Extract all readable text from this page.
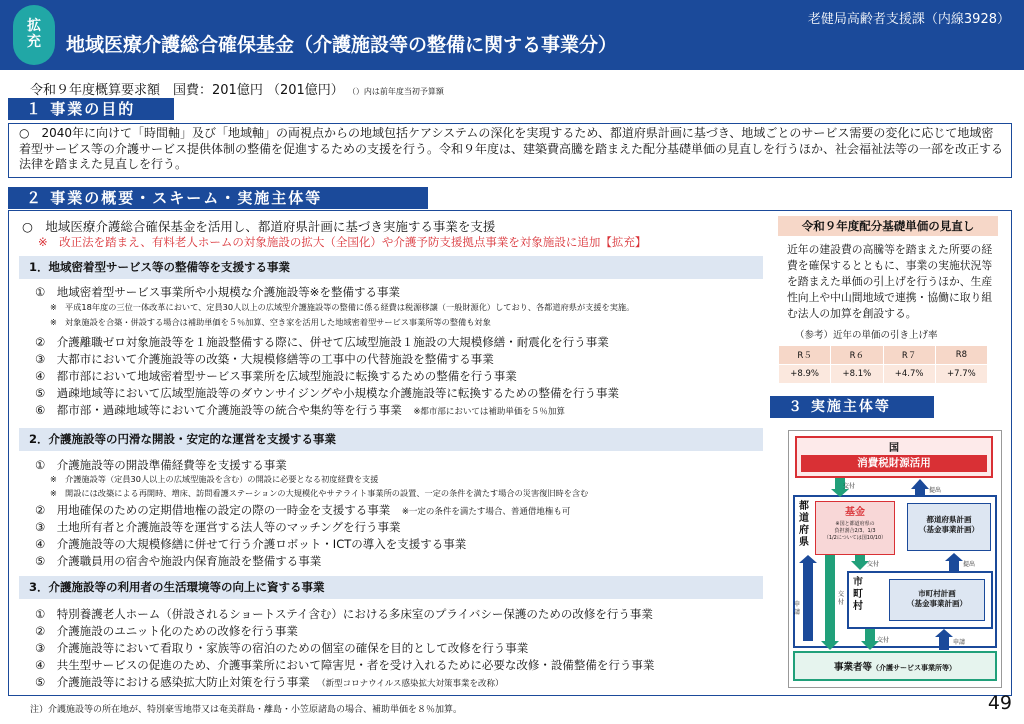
拡
充	地域医療介護総合確保基金（介護施設等の整備に関する事業分）
老健局高齢者支援課（内線3928）
令和９年度概算要求額　国費：201億円 （201億円） （）内は前年度当初予算額
１ 事業の目的
○　2040年に向けて「時間軸」及び「地域軸」の両視点からの地域包括ケアシステムの深化を実現するため、都道府県計画に基づき、地域ごとのサービス需要の変化に応じて地域密着型サービス等の介護サービス提供体制の整備を促進するための支援を行う。令和９年度は、建築費高騰を踏まえた配分基礎単価の見直しを行うほか、社会福祉法等の一部を改正する法律を踏まえた見直しを行う。
２ 事業の概要・スキーム・実施主体等
○　地域医療介護総合確保基金を活用し、都道府県計画に基づき実施する事業を支援
※　改正法を踏まえ、有料老人ホームの対象施設の拡大（全国化）や介護予防支援拠点事業を対象施設に追加【拡充】
1．地域密着型サービス等の整備等を支援する事業
①　地域密着型サービス事業所や小規模な介護施設等※を整備する事業
※　平成18年度の三位一体改革において、定員30人以上の広域型介護施設等の整備に係る経費は税源移譲（一般財源化）しており、各都道府県が支援を実施。
※　対象施設を合築・併設する場合は補助単価を５％加算、空き家を活用した地域密着型サービス事業所等の整備も対象
②　介護離職ゼロ対象施設等を１施設整備する際に、併せて広域型施設１施設の大規模修繕・耐震化を行う事業
③　大都市において介護施設等の改築・大規模修繕等の工事中の代替施設を整備する事業
④　都市部において地域密着型サービス事業所を広域型施設に転換するための整備を行う事業
⑤　過疎地域等において広域型施設等のダウンサイジングや小規模な介護施設等に転換するための整備を行う事業
⑥　都市部・過疎地域等において介護施設等の統合や集約等を行う事業　 ※都市部においては補助単価を５％加算
2．介護施設等の円滑な開設・安定的な運営を支援する事業
①　介護施設等の開設準備経費等を支援する事業
※　介護施設等（定員30人以上の広域型施設を含む）の開設に必要となる初度経費を支援
※　開設には改築による再開時、増床、訪問看護ステーションの大規模化やサテライト事業所の設置、一定の条件を満たす場合の災害復旧時を含む
②　用地確保のための定期借地権の設定の際の一時金を支援する事業　 ※一定の条件を満たす場合、普通借地権も可
③　土地所有者と介護施設等を運営する法人等のマッチングを行う事業
④　介護施設等の大規模修繕に併せて行う介護ロボット・ICTの導入を支援する事業
⑤　介護職員用の宿舎や施設内保育施設を整備する事業
3．介護施設等の利用者の生活環境等の向上に資する事業
①　特別養護老人ホーム（併設されるショートステイ含む）における多床室のプライバシー保護のための改修を行う事業
②　介護施設のユニット化のための改修を行う事業
③　介護施設等において看取り・家族等の宿泊のための個室の確保を目的として改修を行う事業
④　共生型サービスの促進のため、介護事業所において障害児・者を受け入れるために必要な改修・設備整備を行う事業
⑤　介護施設等における感染拡大防止対策を行う事業　 （新型コロナウイルス感染拡大対策事業を改称）
令和９年度配分基礎単価の見直し
近年の建設費の高騰等を踏まえた所要の経費を確保するとともに、事業の実施状況等を踏まえた単価の引上げを行うほか、生産性向上や中山間地域で連携・協働に取り組む法人の加算を創設する。
（参考）近年の単価の引き上げ率
R５	R６	R７	R8
+8.9%	+8.1%	+4.7%	+7.7%
３ 実施主体等
国
消費税財源活用
都道府県
基金
※国と都道府県の
負担割合2/3、1/3
（1/2については国10/10）
都道府県計画
（基金事業計画）
市町村
市町村計画
（基金事業計画）
事業者等（介護サービス事業所等）
交付
提出
交付
申請
交付	提出
交付	申請
49
注）介護施設等の所在地が、特別豪雪地帯又は奄美群島・離島・小笠原諸島の場合、補助単価を８％加算。
